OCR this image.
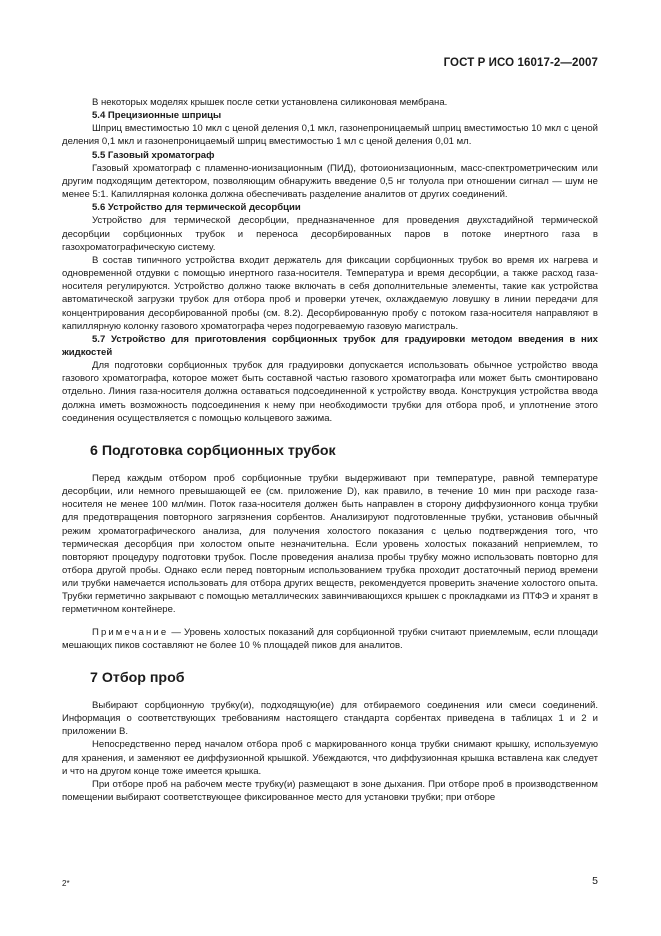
ГОСТ Р ИСО 16017-2—2007

В некоторых моделях крышек после сетки установлена силиконовая мембрана.

5.4 Прецизионные шприцы

Шприц вместимостью 10 мкл с ценой деления 0,1 мкл, газонепроницаемый шприц вместимостью 10 мкл с ценой деления 0,1 мкл и газонепроницаемый шприц вместимостью 1 мл с ценой деления 0,01 мл.

5.5 Газовый хроматограф

Газовый хроматограф с пламенно-ионизационным (ПИД), фотоионизационным, масс-спектрометрическим или другим подходящим детектором, позволяющим обнаружить введение 0,5 нг толуола при отношении сигнал — шум не менее 5:1. Капиллярная колонка должна обеспечивать разделение аналитов от других соединений.

5.6 Устройство для термической десорбции

Устройство для термической десорбции, предназначенное для проведения двухстадийной термической десорбции сорбционных трубок и переноса десорбированных паров в потоке инертного газа в газохроматографическую систему.

В состав типичного устройства входит держатель для фиксации сорбционных трубок во время их нагрева и одновременной отдувки с помощью инертного газа-носителя. Температура и время десорбции, а также расход газа-носителя регулируются. Устройство должно также включать в себя дополнительные элементы, такие как устройства автоматической загрузки трубок для отбора проб и проверки утечек, охлаждаемую ловушку в линии передачи для концентрирования десорбированной пробы (см. 8.2). Десорбированную пробу с потоком газа-носителя направляют в капиллярную колонку газового хроматографа через подогреваемую газовую магистраль.

5.7 Устройство для приготовления сорбционных трубок для градуировки методом введения в них жидкостей

Для подготовки сорбционных трубок для градуировки допускается использовать обычное устройство ввода газового хроматографа, которое может быть составной частью газового хроматографа или может быть смонтировано отдельно. Линия газа-носителя должна оставаться подсоединенной к устройству ввода. Конструкция устройства ввода должна иметь возможность подсоединения к нему при необходимости трубки для отбора проб, и уплотнение этого соединения осуществляется с помощью кольцевого зажима.

6 Подготовка сорбционных трубок

Перед каждым отбором проб сорбционные трубки выдерживают при температуре, равной температуре десорбции, или немного превышающей ее (см. приложение D), как правило, в течение 10 мин при расходе газа-носителя не менее 100 мл/мин. Поток газа-носителя должен быть направлен в сторону диффузионного конца трубки для предотвращения повторного загрязнения сорбентов. Анализируют подготовленные трубки, установив обычный режим хроматографического анализа, для получения холостого показания с целью подтверждения того, что термическая десорбция при холостом опыте незначительна. Если уровень холостых показаний неприемлем, то повторяют процедуру подготовки трубок. После проведения анализа пробы трубку можно использовать повторно для отбора другой пробы. Однако если перед повторным использованием трубка проходит достаточный период времени или трубки намечается использовать для отбора других веществ, рекомендуется проверить значение холостого опыта. Трубки герметично закрывают с помощью металлических завинчивающихся крышек с прокладками из ПТФЭ и хранят в герметичном контейнере.

Примечание — Уровень холостых показаний для сорбционной трубки считают приемлемым, если площади мешающих пиков составляют не более 10 % площадей пиков для аналитов.

7 Отбор проб

Выбирают сорбционную трубку(и), подходящую(ие) для отбираемого соединения или смеси соединений. Информация о соответствующих требованиям настоящего стандарта сорбентах приведена в таблицах 1 и 2 и приложении В.

Непосредственно перед началом отбора проб с маркированного конца трубки снимают крышку, используемую для хранения, и заменяют ее диффузионной крышкой. Убеждаются, что диффузионная крышка вставлена как следует и что на другом конце тоже имеется крышка.

При отборе проб на рабочем месте трубку(и) размещают в зоне дыхания. При отборе проб в производственном помещении выбирают соответствующее фиксированное место для установки трубки; при отборе

2*	5
